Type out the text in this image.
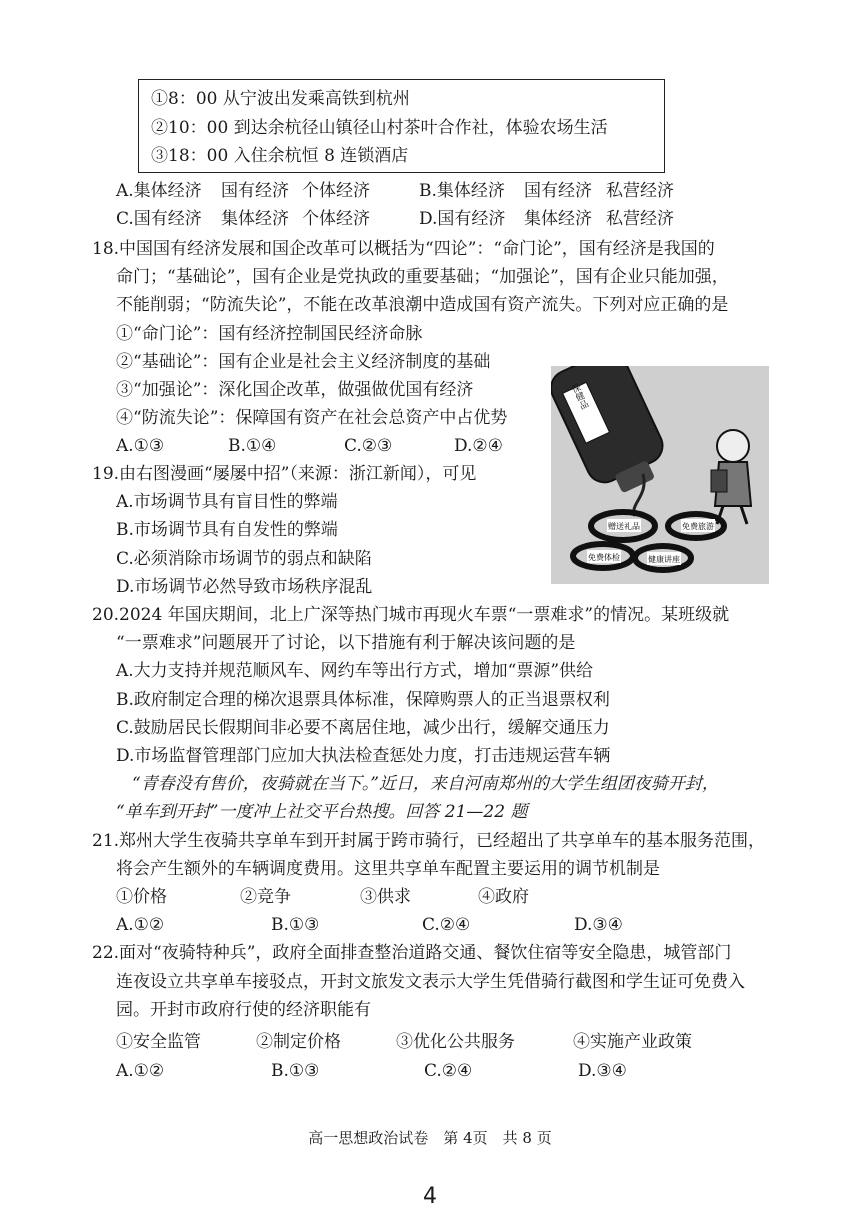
①8：00 从宁波出发乘高铁到杭州
②10：00 到达余杭径山镇径山村茶叶合作社，体验农场生活
③18：00 入住余杭恒 8 连锁酒店
A.集体经济 国有经济 个体经济	B.集体经济 国有经济 私营经济
C.国有经济 集体经济 个体经济	D.国有经济 集体经济 私营经济
18.中国国有经济发展和国企改革可以概括为“四论”：“命门论”，国有经济是我国的
命门；“基础论”，国有企业是党执政的重要基础；“加强论”，国有企业只能加强，
不能削弱；“防流失论”，不能在改革浪潮中造成国有资产流失。下列对应正确的是
①“命门论”：国有经济控制国民经济命脉
②“基础论”：国有企业是社会主义经济制度的基础
③“加强论”：深化国企改革，做强做优国有经济
④“防流失论”：保障国有资产在社会总资产中占优势
A.①③	B.①④	C.②③	D.②④
19.由右图漫画“屡屡中招”（来源：浙江新闻），可见
A.市场调节具有盲目性的弊端
B.市场调节具有自发性的弊端
C.必须消除市场调节的弱点和缺陷
D.市场调节必然导致市场秩序混乱
保健品
赠送礼品	免费旅游
免费体检	健康讲座
20.2024 年国庆期间，北上广深等热门城市再现火车票“一票难求”的情况。某班级就
“一票难求”问题展开了讨论，以下措施有利于解决该问题的是
A.大力支持并规范顺风车、网约车等出行方式，增加“票源”供给
B.政府制定合理的梯次退票具体标准，保障购票人的正当退票权利
C.鼓励居民长假期间非必要不离居住地，减少出行，缓解交通压力
D.市场监督管理部门应加大执法检查惩处力度，打击违规运营车辆
“青春没有售价，夜骑就在当下。”近日，来自河南郑州的大学生组团夜骑开封，
“单车到开封”一度冲上社交平台热搜。回答 21—22 题
21.郑州大学生夜骑共享单车到开封属于跨市骑行，已经超出了共享单车的基本服务范围，
将会产生额外的车辆调度费用。这里共享单车配置主要运用的调节机制是
①价格	②竞争	③供求	④政府
A.①②	B.①③	C.②④	D.③④
22.面对“夜骑特种兵”，政府全面排查整治道路交通、餐饮住宿等安全隐患，城管部门
连夜设立共享单车接驳点，开封文旅发文表示大学生凭借骑行截图和学生证可免费入
园。开封市政府行使的经济职能有
①安全监管	②制定价格	③优化公共服务	④实施产业政策
A.①②	B.①③	C.②④	D.③④
高一思想政治试卷　第 4页　共 8 页
4
